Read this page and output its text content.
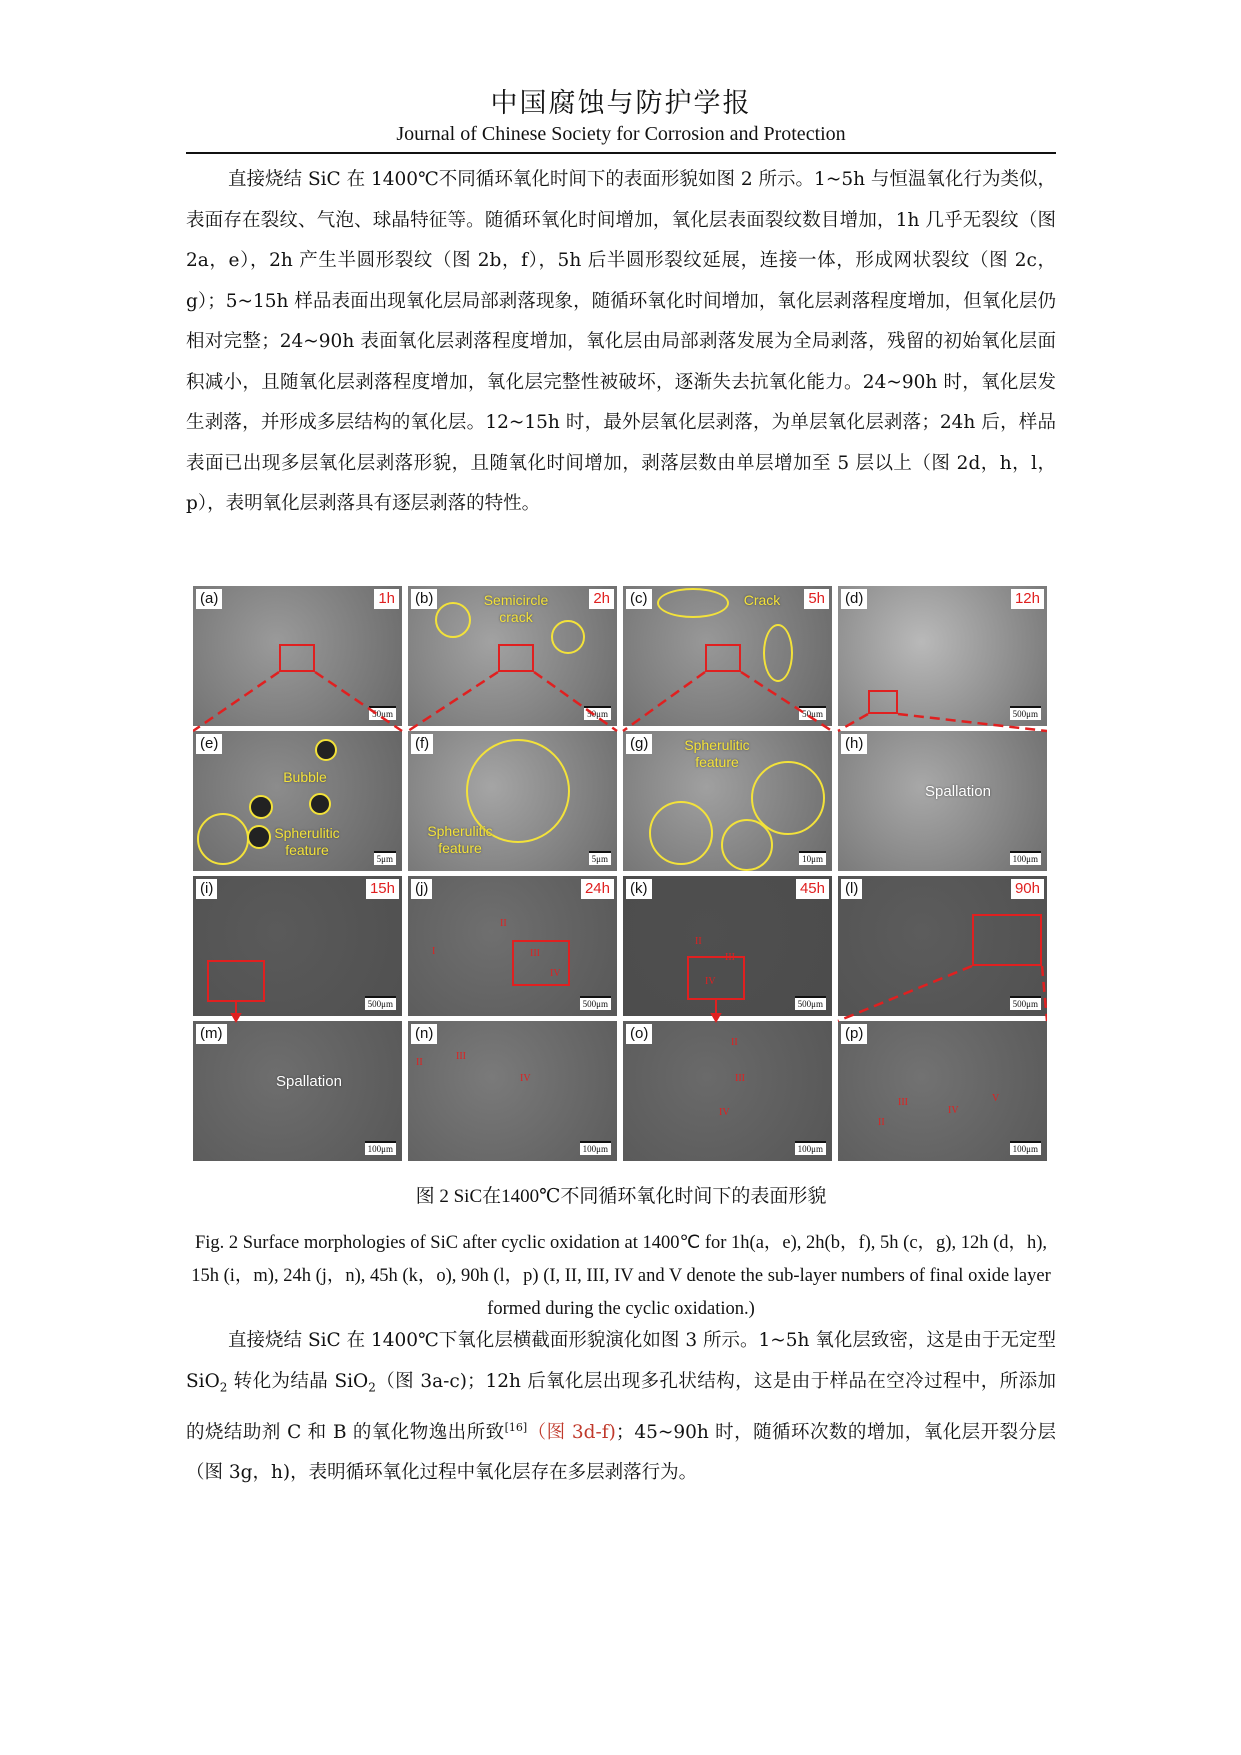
中国腐蚀与防护学报
Journal of Chinese Society for Corrosion and Protection

直接烧结 SiC 在 1400℃不同循环氧化时间下的表面形貌如图 2 所示。1~5h 与恒温氧化行为类似，表面存在裂纹、气泡、球晶特征等。随循环氧化时间增加，氧化层表面裂纹数目增加，1h 几乎无裂纹（图 2a，e），2h 产生半圆形裂纹（图 2b，f），5h 后半圆形裂纹延展，连接一体，形成网状裂纹（图 2c，g）；5~15h 样品表面出现氧化层局部剥落现象，随循环氧化时间增加，氧化层剥落程度增加，但氧化层仍相对完整；24~90h 表面氧化层剥落程度增加，氧化层由局部剥落发展为全局剥落，残留的初始氧化层面积减小，且随氧化层剥落程度增加，氧化层完整性被破坏，逐渐失去抗氧化能力。24~90h 时，氧化层发生剥落，并形成多层结构的氧化层。12~15h 时，最外层氧化层剥落，为单层氧化层剥落；24h 后，样品表面已出现多层氧化层剥落形貌，且随氧化时间增加，剥落层数由单层增加至 5 层以上（图 2d，h，l，p），表明氧化层剥落具有逐层剥落的特性。

(a)	1h
50μm
(b)	2h
Semicircle crack
50μm
(c)	5h
Crack
50μm
(d)	12h
500μm
(e)
Bubble
Spherulitic feature
5μm
(f)
Spherulitic feature
5μm
(g)	Spherulitic feature
10μm
(h)
Spallation
100μm
(i)	15h
500μm
(j)	24h
I
II
III
IV
500μm
(k)	45h
II
III
IV
500μm
(l)	90h
500μm
(m)
Spallation
100μm
(n)
II
III
IV
100μm
(o)
II
III
IV
100μm
(p)
II
III
IV
V
100μm

图 2 SiC在1400℃不同循环氧化时间下的表面形貌

Fig. 2 Surface morphologies of SiC after cyclic oxidation at 1400℃ for 1h(a，e), 2h(b，f), 5h (c，g), 12h (d，h), 15h (i，m), 24h (j，n), 45h (k，o), 90h (l，p) (I, II, III, IV and V denote the sub-layer numbers of final oxide layer formed during the cyclic oxidation.)

直接烧结 SiC 在 1400℃下氧化层横截面形貌演化如图 3 所示。1~5h 氧化层致密，这是由于无定型 SiO$_2$ 转化为结晶 SiO$_2$（图 3a-c)；12h 后氧化层出现多孔状结构，这是由于样品在空冷过程中，所添加的烧结助剂 C 和 B 的氧化物逸出所致[16]（图 3d-f)；45~90h 时，随循环次数的增加，氧化层开裂分层（图 3g，h)，表明循环氧化过程中氧化层存在多层剥落行为。
